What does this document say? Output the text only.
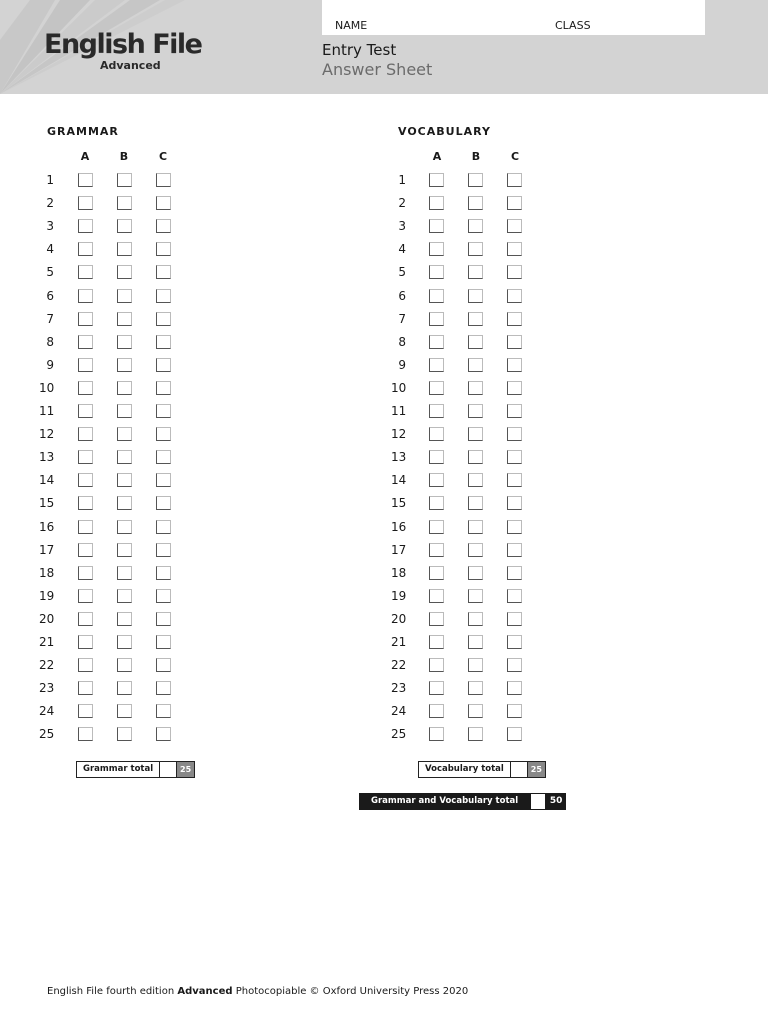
English File
Advanced
NAME	CLASS
Entry Test
Answer Sheet
GRAMMAR
A	B	C
1
2
3
4
5
6
7
8
9
10
11
12
13
14
15
16
17
18
19
20
21
22
23
24
25
VOCABULARY
A	B	C
1
2
3
4
5
6
7
8
9
10
11
12
13
14
15
16
17
18
19
20
21
22
23
24
25
Grammar total	25	Vocabulary total	25
Grammar and Vocabulary total	50
English File fourth edition Advanced Photocopiable © Oxford University Press 2020
